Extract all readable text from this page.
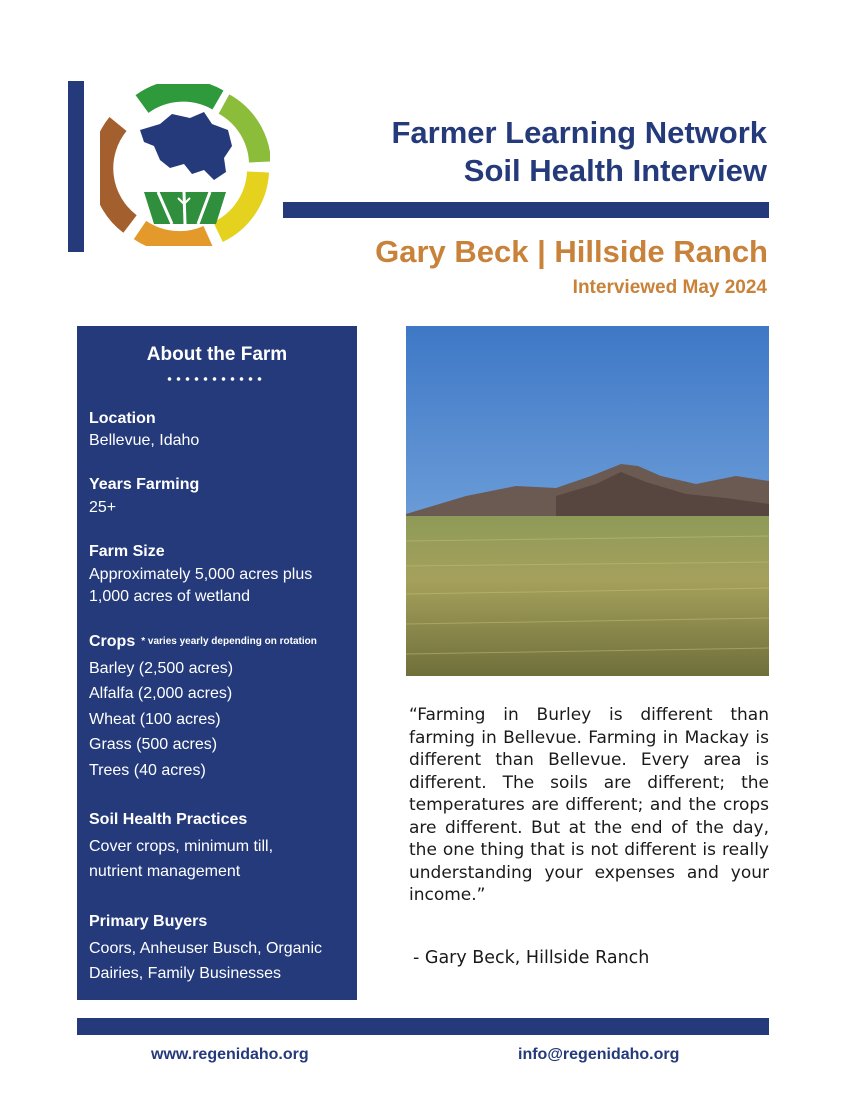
Farmer Learning Network
Soil Health Interview
Gary Beck | Hillside Ranch
Interviewed May 2024
About the Farm
Location
Bellevue, Idaho
Years Farming
25+
Farm Size
Approximately 5,000 acres plus
1,000 acres of wetland
Crops * varies yearly depending on rotation
Barley (2,500 acres)
Alfalfa (2,000 acres)
Wheat (100 acres)
Grass (500 acres)
Trees (40 acres)
Soil Health Practices
Cover crops, minimum till,
nutrient management
Primary Buyers
Coors, Anheuser Busch, Organic
Dairies, Family Businesses
“Farming in Burley is different than farming in Bellevue. Farming in Mackay is different than Bellevue. Every area is different. The soils are different; the temperatures are different; and the crops are different. But at the end of the day, the one thing that is not different is really understanding your expenses and your income.”
- Gary Beck, Hillside Ranch
www.regenidaho.org	info@regenidaho.org
